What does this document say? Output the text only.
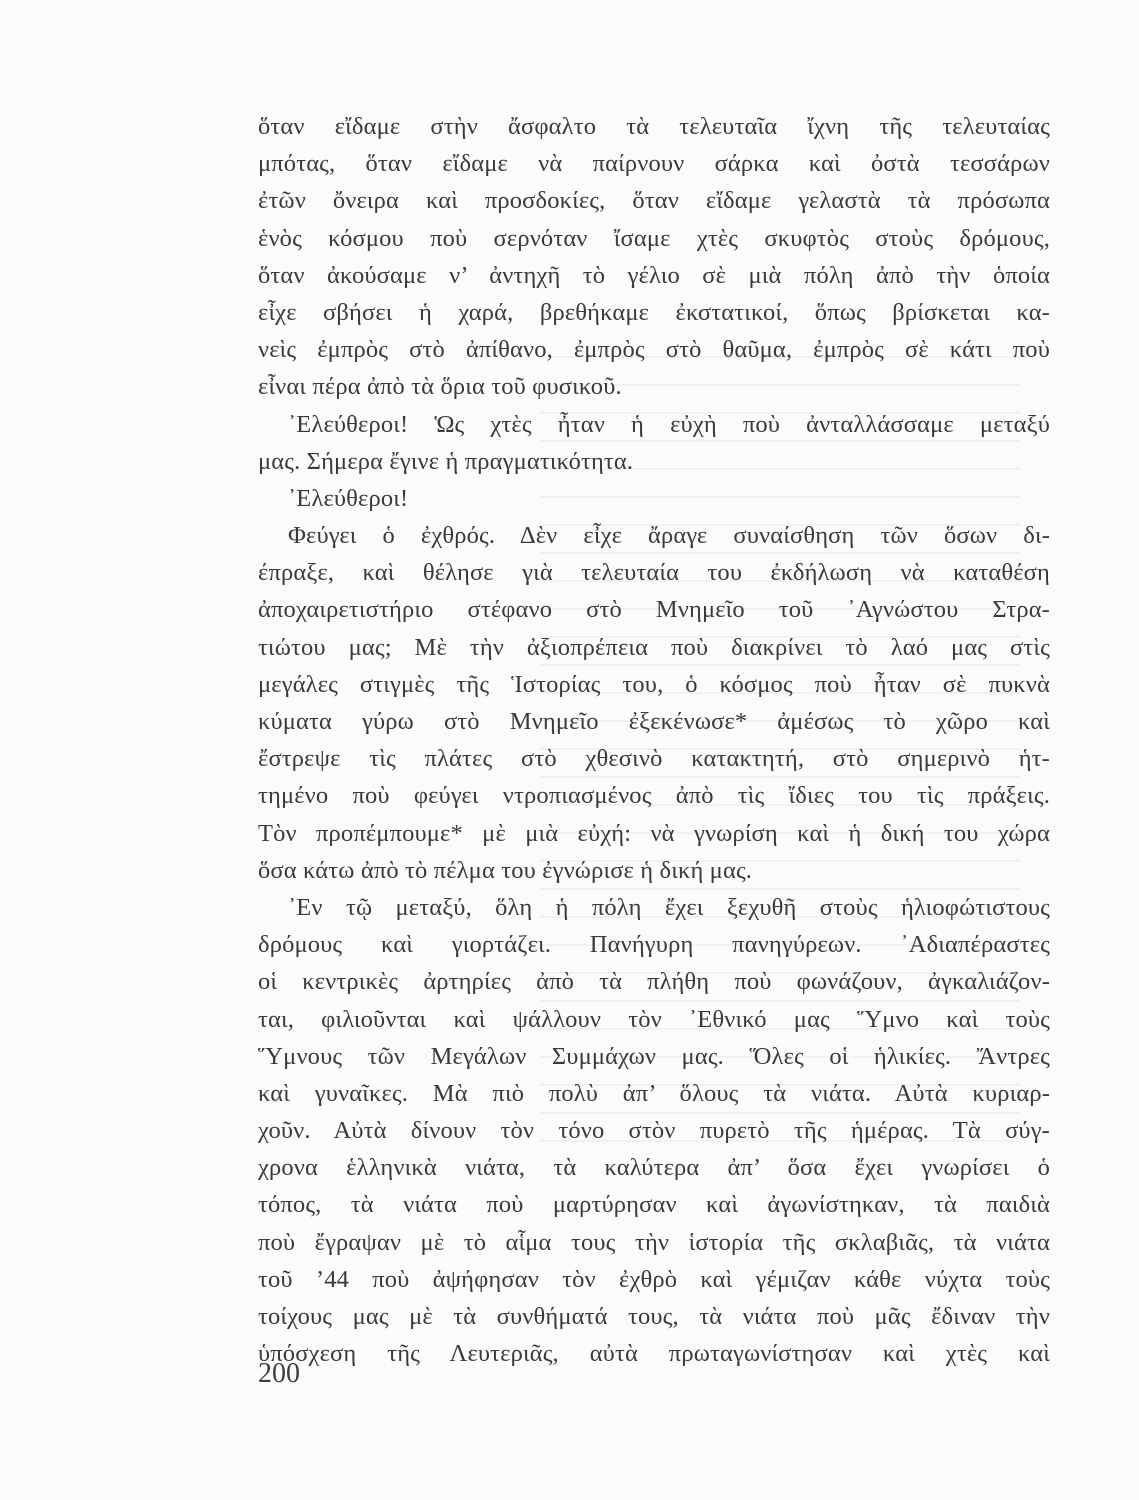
ὅταν εἴδαμε στὴν ἄσφαλτο τὰ τελευταῖα ἴχνη τῆς τελευταίας
μπότας, ὅταν εἴδαμε νὰ παίρνουν σάρκα καὶ ὀστὰ τεσσάρων
ἐτῶν ὄνειρα καὶ προσδοκίες, ὅταν εἴδαμε γελαστὰ τὰ πρόσωπα
ἑνὸς κόσμου ποὺ σερνόταν ἴσαμε χτὲς σκυφτὸς στοὺς δρόμους,
ὅταν ἀκούσαμε ν’ ἀντηχῆ τὸ γέλιο σὲ μιὰ πόλη ἀπὸ τὴν ὁποία
εἶχε σβήσει ἡ χαρά, βρεθήκαμε ἐκστατικοί, ὅπως βρίσκεται κα-
νεὶς ἐμπρὸς στὸ ἀπίθανο, ἐμπρὸς στὸ θαῦμα, ἐμπρὸς σὲ κάτι ποὺ
εἶναι πέρα ἀπὸ τὰ ὅρια τοῦ φυσικοῦ.
᾿Ελεύθεροι! Ὡς χτὲς ἦταν ἡ εὐχὴ ποὺ ἀνταλλάσσαμε μεταξύ
μας. Σήμερα ἔγινε ἡ πραγματικότητα.
᾿Ελεύθεροι!
Φεύγει ὁ ἐχθρός. Δὲν εἶχε ἄραγε συναίσθηση τῶν ὅσων δι-
έπραξε, καὶ θέλησε γιὰ τελευταία του ἐκδήλωση νὰ καταθέση
ἀποχαιρετιστήριο στέφανο στὸ Μνημεῖο τοῦ ᾿Αγνώστου Στρα-
τιώτου μας; Μὲ τὴν ἀξιοπρέπεια ποὺ διακρίνει τὸ λαό μας στὶς
μεγάλες στιγμὲς τῆς Ἱστορίας του, ὁ κόσμος ποὺ ἦταν σὲ πυκνὰ
κύματα γύρω στὸ Μνημεῖο ἐξεκένωσε* ἀμέσως τὸ χῶρο καὶ
ἔστρεψε τὶς πλάτες στὸ χθεσινὸ κατακτητή, στὸ σημερινὸ ἡτ-
τημένο ποὺ φεύγει ντροπιασμένος ἀπὸ τὶς ἴδιες του τὶς πράξεις.
Τὸν προπέμπουμε* μὲ μιὰ εὐχή: νὰ γνωρίση καὶ ἡ δική του χώρα
ὅσα κάτω ἀπὸ τὸ πέλμα του ἐγνώρισε ἡ δική μας.
᾿Εν τῷ μεταξύ, ὅλη ἡ πόλη ἔχει ξεχυθῆ στοὺς ἡλιοφώτιστους
δρόμους καὶ γιορτάζει. Πανήγυρη πανηγύρεων. ᾿Αδιαπέραστες
οἱ κεντρικὲς ἀρτηρίες ἀπὸ τὰ πλήθη ποὺ φωνάζουν, ἀγκαλιάζον-
ται, φιλιοῦνται καὶ ψάλλουν τὸν ᾿Εθνικό μας Ὕμνο καὶ τοὺς
Ὕμνους τῶν Μεγάλων Συμμάχων μας. Ὅλες οἱ ἡλικίες. Ἄντρες
καὶ γυναῖκες. Μὰ πιὸ πολὺ ἀπ’ ὅλους τὰ νιάτα. Αὐτὰ κυριαρ-
χοῦν. Αὐτὰ δίνουν τὸν τόνο στὸν πυρετὸ τῆς ἡμέρας. Τὰ σύγ-
χρονα ἑλληνικὰ νιάτα, τὰ καλύτερα ἀπ’ ὅσα ἔχει γνωρίσει ὁ
τόπος, τὰ νιάτα ποὺ μαρτύρησαν καὶ ἀγωνίστηκαν, τὰ παιδιὰ
ποὺ ἔγραψαν μὲ τὸ αἷμα τους τὴν ἱστορία τῆς σκλαβιᾶς, τὰ νιάτα
τοῦ ’44 ποὺ ἀψήφησαν τὸν ἐχθρὸ καὶ γέμιζαν κάθε νύχτα τοὺς
τοίχους μας μὲ τὰ συνθήματά τους, τὰ νιάτα ποὺ μᾶς ἔδιναν τὴν
ὑπόσχεση τῆς Λευτεριᾶς, αὐτὰ πρωταγωνίστησαν καὶ χτὲς καὶ
200
